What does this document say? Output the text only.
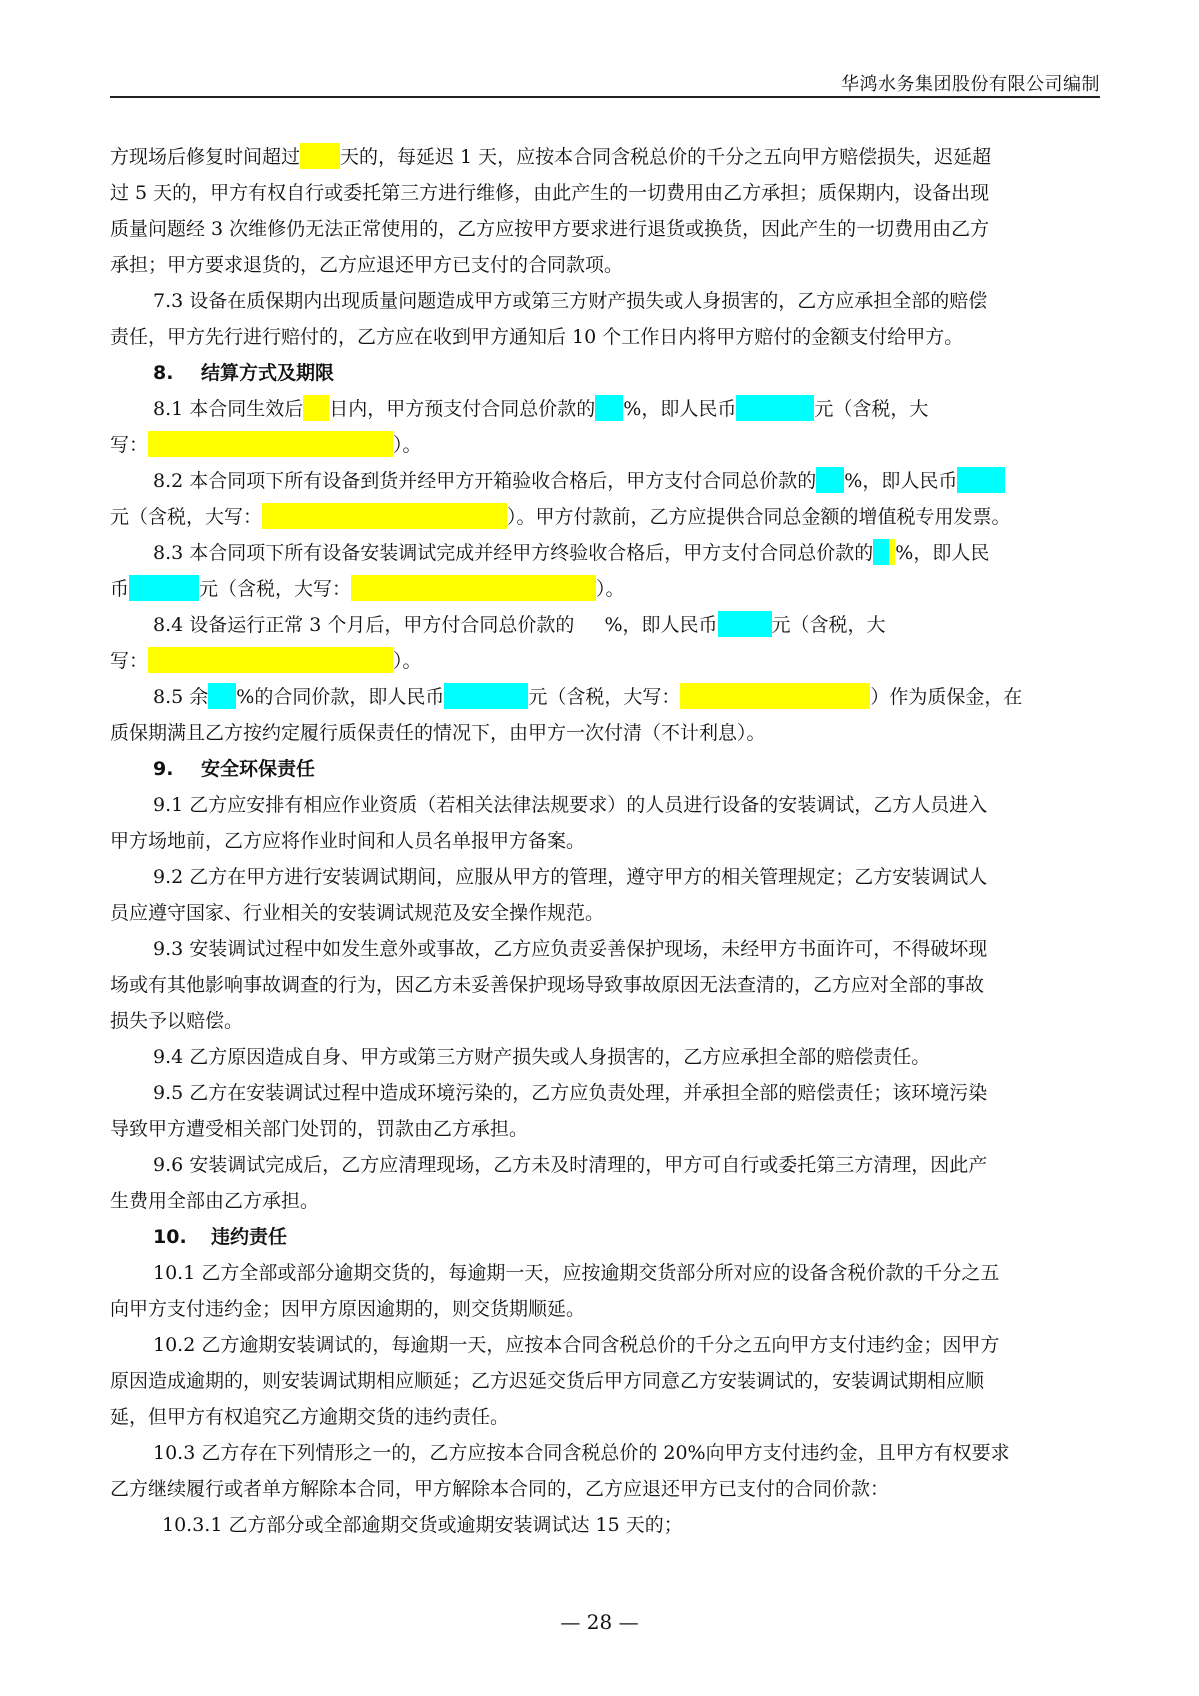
华鸿水务集团股份有限公司编制
方现场后修复时间超过 天的，每延迟 1 天，应按本合同含税总价的千分之五向甲方赔偿损失，迟延超
过 5 天的，甲方有权自行或委托第三方进行维修，由此产生的一切费用由乙方承担；质保期内，设备出现
质量问题经 3 次维修仍无法正常使用的，乙方应按甲方要求进行退货或换货，因此产生的一切费用由乙方
承担；甲方要求退货的，乙方应退还甲方已支付的合同款项。
7.3 设备在质保期内出现质量问题造成甲方或第三方财产损失或人身损害的，乙方应承担全部的赔偿
责任，甲方先行进行赔付的，乙方应在收到甲方通知后 10 个工作日内将甲方赔付的金额支付给甲方。
8. 结算方式及期限
8.1 本合同生效后 日内，甲方预支付合同总价款的 %，即人民币	元（含税，大
写：	）。
8.2 本合同项下所有设备到货并经甲方开箱验收合格后，甲方支付合同总价款的 %，即人民币
元（含税，大写：	）。甲方付款前，乙方应提供合同总金额的增值税专用发票。
8.3 本合同项下所有设备安装调试完成并经甲方终验收合格后，甲方支付合同总价款的 %，即人民
币	元（含税，大写：	）。
8.4 设备运行正常 3 个月后，甲方付合同总价款的 %，即人民币	元（含税，大
写：	）。
8.5 余 %的合同价款，即人民币	元（含税，大写：	）作为质保金，在
质保期满且乙方按约定履行质保责任的情况下，由甲方一次付清（不计利息）。
9. 安全环保责任
9.1 乙方应安排有相应作业资质（若相关法律法规要求）的人员进行设备的安装调试，乙方人员进入
甲方场地前，乙方应将作业时间和人员名单报甲方备案。
9.2 乙方在甲方进行安装调试期间，应服从甲方的管理，遵守甲方的相关管理规定；乙方安装调试人
员应遵守国家、行业相关的安装调试规范及安全操作规范。
9.3 安装调试过程中如发生意外或事故，乙方应负责妥善保护现场，未经甲方书面许可，不得破坏现
场或有其他影响事故调查的行为，因乙方未妥善保护现场导致事故原因无法查清的，乙方应对全部的事故
损失予以赔偿。
9.4 乙方原因造成自身、甲方或第三方财产损失或人身损害的，乙方应承担全部的赔偿责任。
9.5 乙方在安装调试过程中造成环境污染的，乙方应负责处理，并承担全部的赔偿责任；该环境污染
导致甲方遭受相关部门处罚的，罚款由乙方承担。
9.6 安装调试完成后，乙方应清理现场，乙方未及时清理的，甲方可自行或委托第三方清理，因此产
生费用全部由乙方承担。
10. 违约责任
10.1 乙方全部或部分逾期交货的，每逾期一天，应按逾期交货部分所对应的设备含税价款的千分之五
向甲方支付违约金；因甲方原因逾期的，则交货期顺延。
10.2 乙方逾期安装调试的，每逾期一天，应按本合同含税总价的千分之五向甲方支付违约金；因甲方
原因造成逾期的，则安装调试期相应顺延；乙方迟延交货后甲方同意乙方安装调试的，安装调试期相应顺
延，但甲方有权追究乙方逾期交货的违约责任。
10.3 乙方存在下列情形之一的，乙方应按本合同含税总价的 20%向甲方支付违约金，且甲方有权要求
乙方继续履行或者单方解除本合同，甲方解除本合同的，乙方应退还甲方已支付的合同价款：
10.3.1 乙方部分或全部逾期交货或逾期安装调试达 15 天的；
— 28 —
